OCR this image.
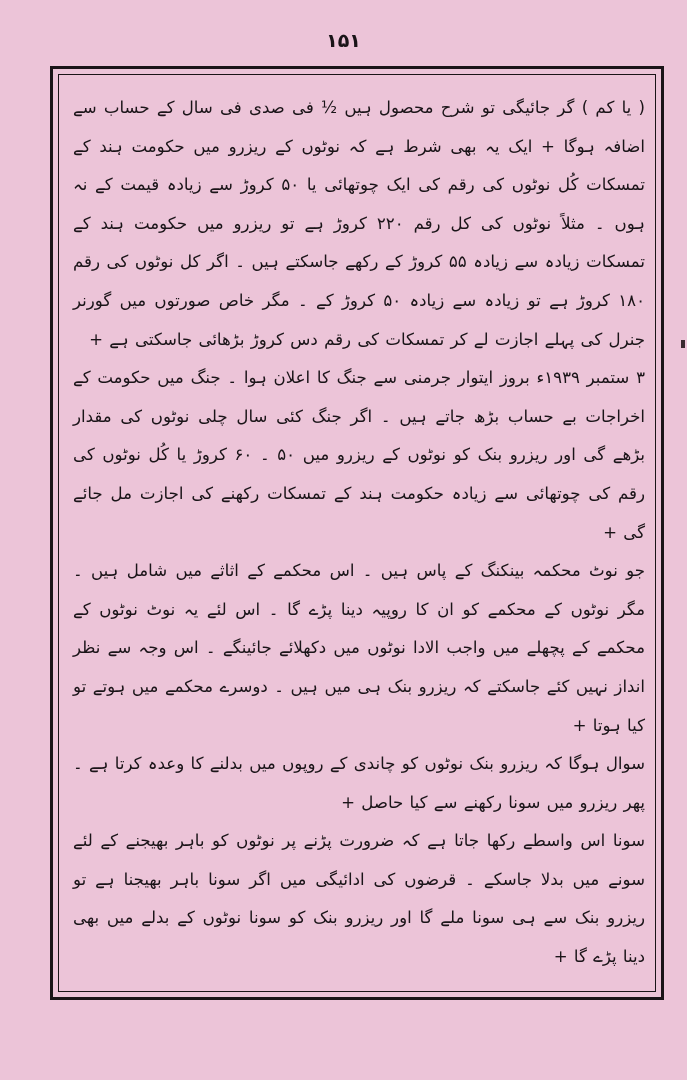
۱۵۱

( یا کم ) گر جائیگی تو شرح محصول ہیں ½ فی صدی فی سال کے حساب سے اضافہ ہوگا + ایک یہ بھی شرط ہے کہ نوٹوں کے ریزرو میں حکومت ہند کے تمسکات کُل نوٹوں کی رقم کی ایک چوتھائی یا ۵۰ کروڑ سے زیادہ قیمت کے نہ ہوں ۔ مثلاً نوٹوں کی کل رقم ۲۲۰ کروڑ ہے تو ریزرو میں حکومت ہند کے تمسکات زیادہ سے زیادہ ۵۵ کروڑ کے رکھے جاسکتے ہیں ۔ اگر کل نوٹوں کی رقم ۱۸۰ کروڑ ہے تو زیادہ سے زیادہ ۵۰ کروڑ کے ۔ مگر خاص صورتوں میں گورنر جنرل کی پہلے اجازت لے کر تمسکات کی رقم دس کروڑ بڑھائی جاسکتی ہے +

۳ ستمبر ۱۹۳۹ء بروز ایتوار جرمنی سے جنگ کا اعلان ہوا ۔ جنگ میں حکومت کے اخراجات بے حساب بڑھ جاتے ہیں ۔ اگر جنگ کئی سال چلی نوٹوں کی مقدار بڑھے گی اور ریزرو بنک کو نوٹوں کے ریزرو میں ۵۰ ۔ ۶۰ کروڑ یا کُل نوٹوں کی رقم کی چوتھائی سے زیادہ حکومت ہند کے تمسکات رکھنے کی اجازت مل جائے گی +

جو نوٹ محکمہ بینکنگ کے پاس ہیں ۔ اس محکمے کے اثاثے میں شامل ہیں ۔ مگر نوٹوں کے محکمے کو ان کا روپیہ دینا پڑے گا ۔ اس لئے یہ نوٹ نوٹوں کے محکمے کے پچھلے میں واجب الادا نوٹوں میں دکھلائے جائینگے ۔ اس وجہ سے نظر انداز نہیں کئے جاسکتے کہ ریزرو بنک ہی میں ہیں ۔ دوسرے محکمے میں ہوتے تو کیا ہوتا +

سوال ہوگا کہ ریزرو بنک نوٹوں کو چاندی کے روپوں میں بدلنے کا وعدہ کرتا ہے ۔ پھر ریزرو میں سونا رکھنے سے کیا حاصل +

سونا اس واسطے رکھا جاتا ہے کہ ضرورت پڑنے پر نوٹوں کو باہر بھیجنے کے لئے سونے میں بدلا جاسکے ۔ قرضوں کی ادائیگی میں اگر سونا باہر بھیجنا ہے تو ریزرو بنک سے ہی سونا ملے گا اور ریزرو بنک کو سونا نوٹوں کے بدلے میں بھی دینا پڑے گا +
